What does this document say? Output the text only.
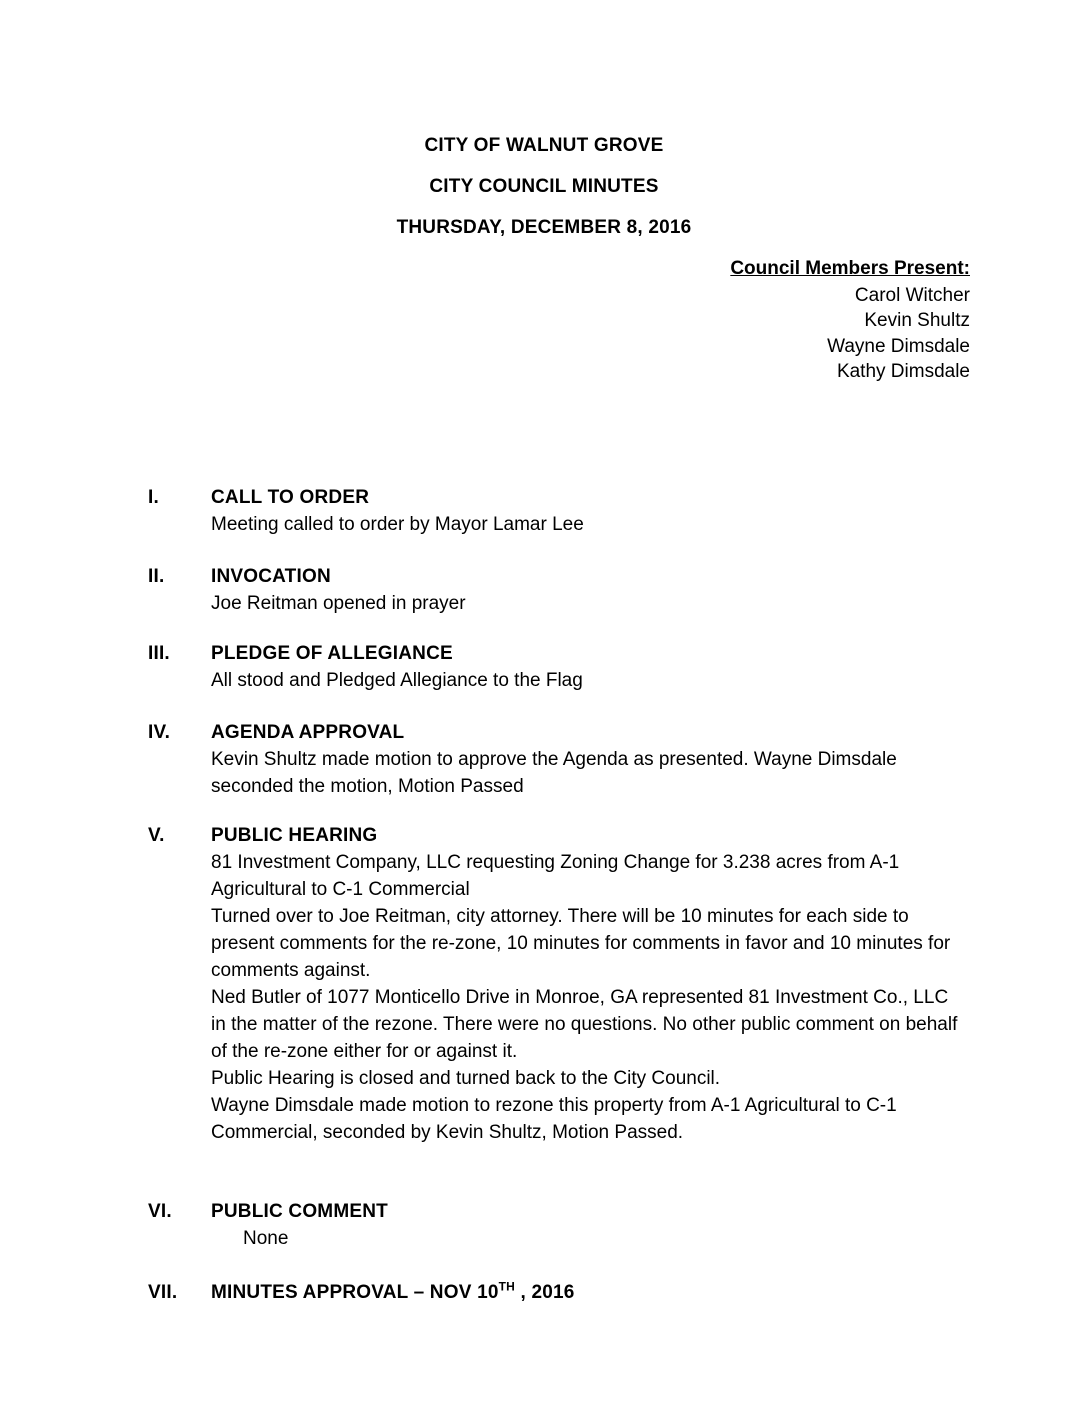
CITY OF WALNUT GROVE
CITY COUNCIL MINUTES
THURSDAY, DECEMBER 8, 2016
Council Members Present:
Carol Witcher
Kevin Shultz
Wayne Dimsdale
Kathy Dimsdale
I.	CALL TO ORDER

Meeting called to order by Mayor Lamar Lee

II.	INVOCATION

Joe Reitman opened in prayer

III.	PLEDGE OF ALLEGIANCE

All stood and Pledged Allegiance to the Flag

IV.	AGENDA APPROVAL

Kevin Shultz made motion to approve the Agenda as presented. Wayne Dimsdale seconded the motion, Motion Passed

V.	PUBLIC HEARING

81 Investment Company, LLC requesting Zoning Change for 3.238 acres from A-1 Agricultural to C-1 Commercial

Turned over to Joe Reitman, city attorney. There will be 10 minutes for each side to present comments for the re-zone, 10 minutes for comments in favor and 10 minutes for comments against.

Ned Butler of 1077 Monticello Drive in Monroe, GA represented 81 Investment Co., LLC in the matter of the rezone. There were no questions. No other public comment on behalf of the re-zone either for or against it.

Public Hearing is closed and turned back to the City Council.

Wayne Dimsdale made motion to rezone this property from A-1 Agricultural to C-1 Commercial, seconded by Kevin Shultz, Motion Passed.

VI.	PUBLIC COMMENT

None

VII.	MINUTES APPROVAL – NOV 10TH , 2016
